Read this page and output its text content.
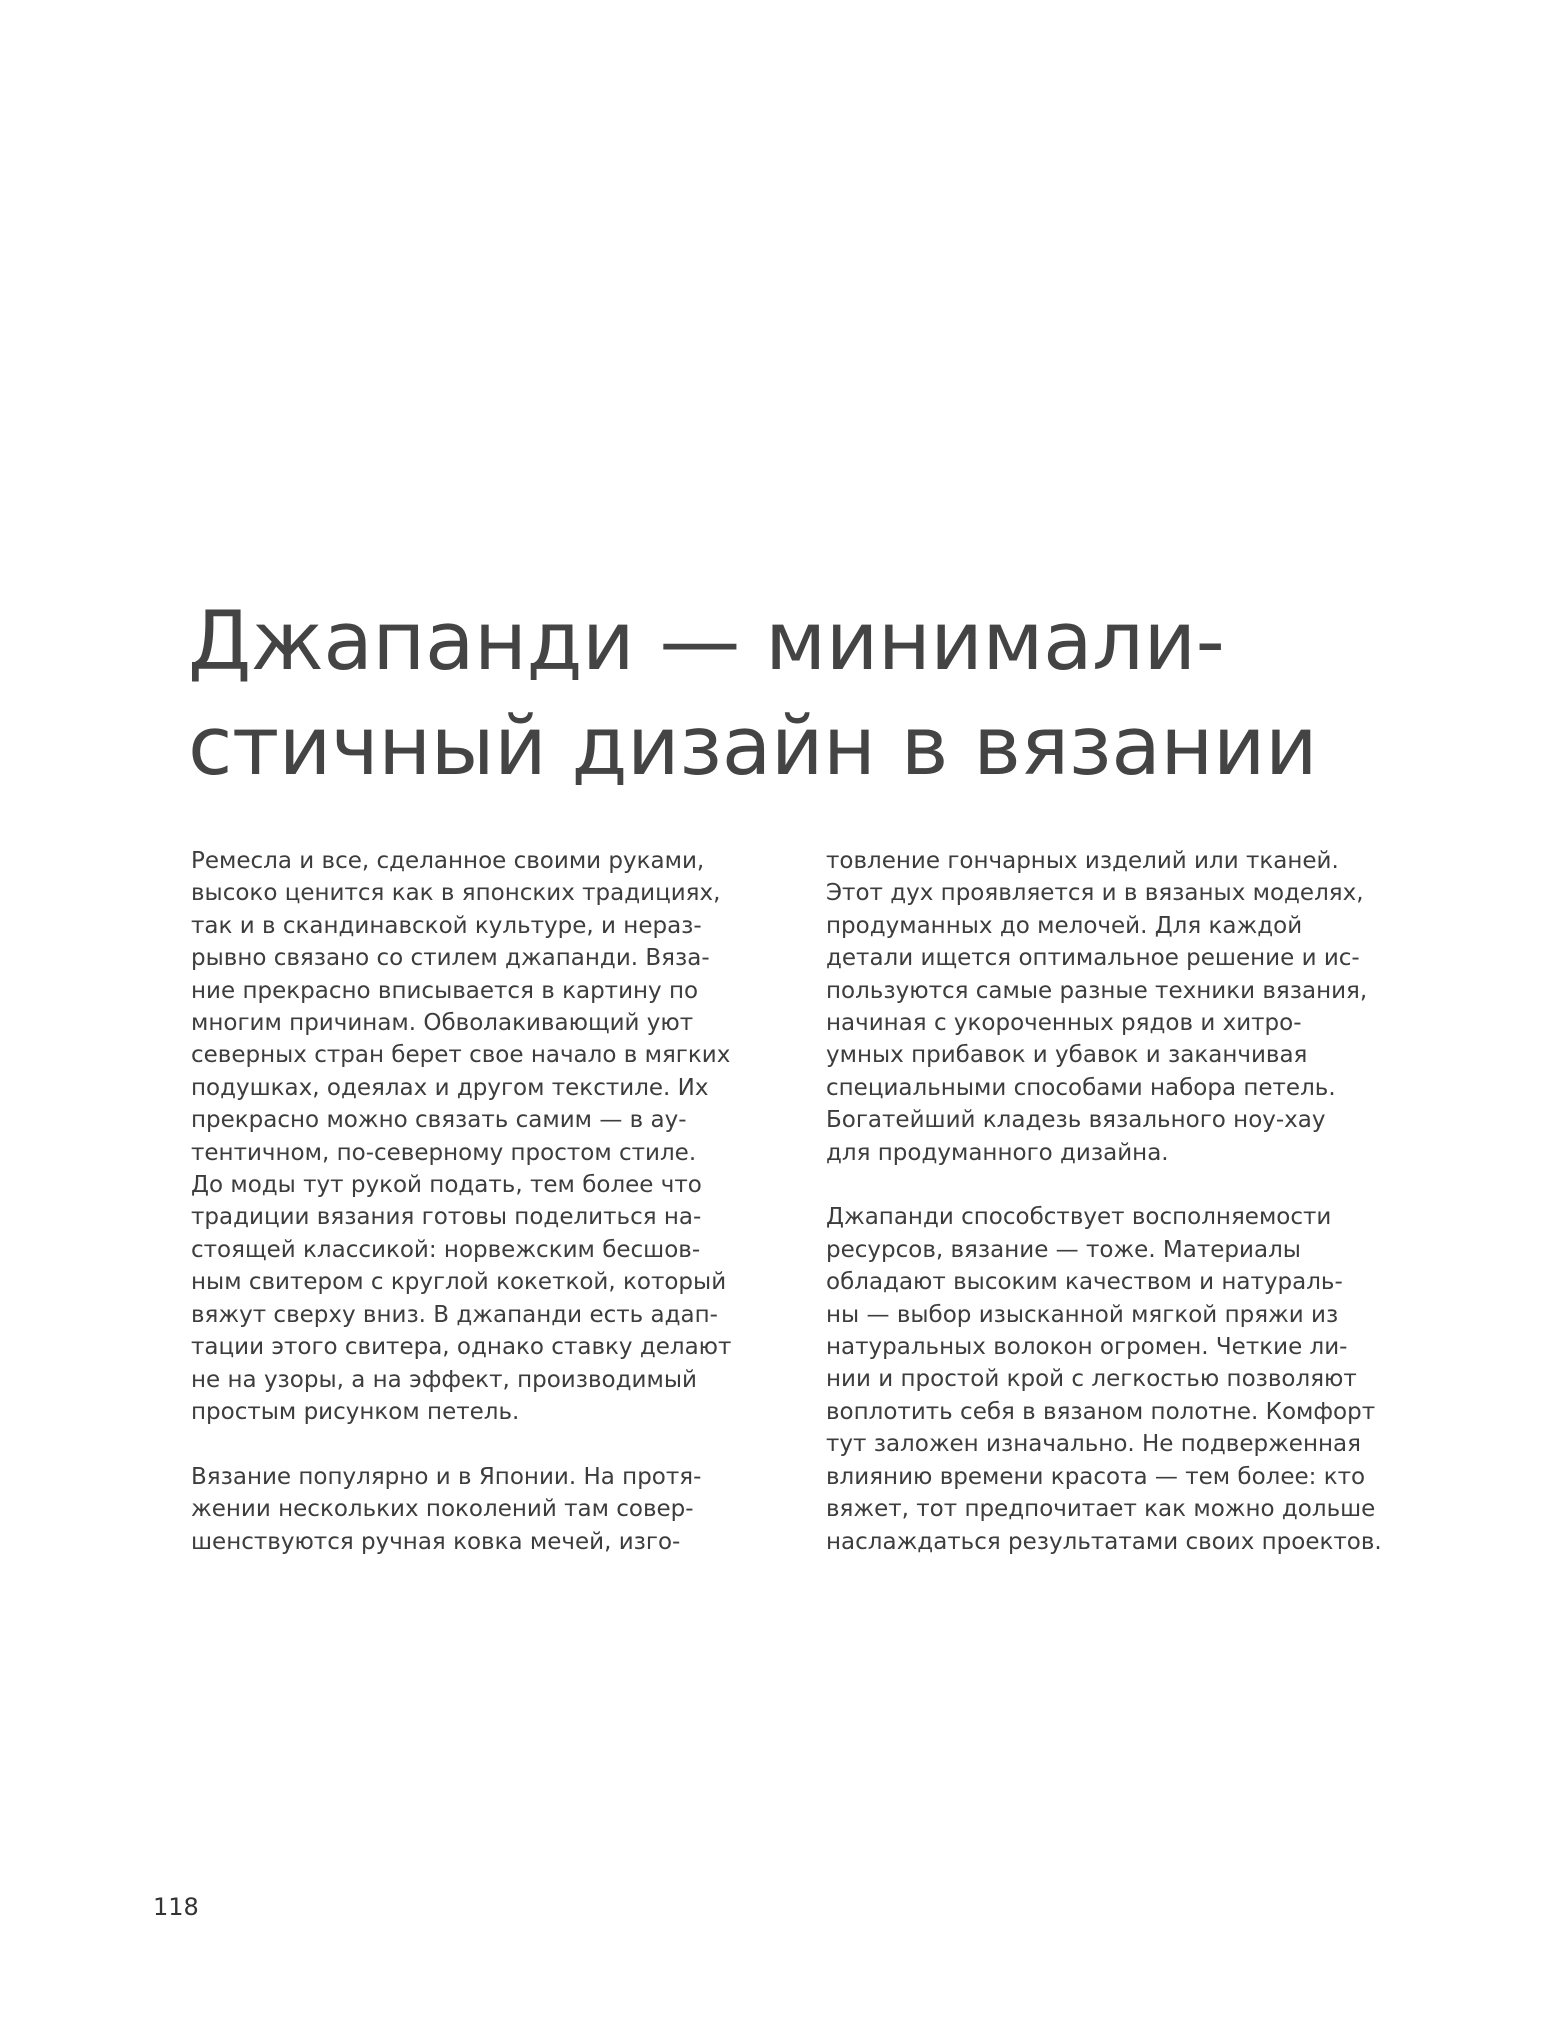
Джапанди — минимали-
стичный дизайн в вязании
Ремесла и все, сделанное своими руками,
высоко ценится как в японских традициях,
так и в скандинавской культуре, и нераз-
рывно связано со стилем джапанди. Вяза-
ние прекрасно вписывается в картину по
многим причинам. Обволакивающий уют
северных стран берет свое начало в мягких
подушках, одеялах и другом текстиле. Их
прекрасно можно связать самим — в ау-
тентичном, по-северному простом стиле.
До моды тут рукой подать, тем более что
традиции вязания готовы поделиться на-
стоящей классикой: норвежским бесшов-
ным свитером с круглой кокеткой, который
вяжут сверху вниз. В джапанди есть адап-
тации этого свитера, однако ставку делают
не на узоры, а на эффект, производимый
простым рисунком петель.
Вязание популярно и в Японии. На протя-
жении нескольких поколений там совер-
шенствуются ручная ковка мечей, изго-
товление гончарных изделий или тканей.
Этот дух проявляется и в вязаных моделях,
продуманных до мелочей. Для каждой
детали ищется оптимальное решение и ис-
пользуются самые разные техники вязания,
начиная с укороченных рядов и хитро-
умных прибавок и убавок и заканчивая
специальными способами набора петель.
Богатейший кладезь вязального ноу-хау
для продуманного дизайна.
Джапанди способствует восполняемости
ресурсов, вязание — тоже. Материалы
обладают высоким качеством и натураль-
ны — выбор изысканной мягкой пряжи из
натуральных волокон огромен. Четкие ли-
нии и простой крой с легкостью позволяют
воплотить себя в вязаном полотне. Комфорт
тут заложен изначально. Не подверженная
влиянию времени красота — тем более: кто
вяжет, тот предпочитает как можно дольше
наслаждаться результатами своих проектов.
118
